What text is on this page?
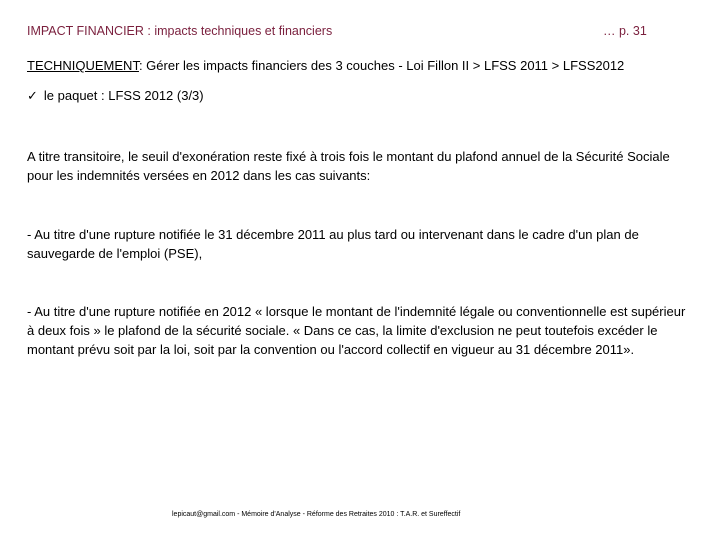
IMPACT FINANCIER : impacts techniques et financiers	… p. 31
TECHNIQUEMENT: Gérer les impacts financiers des 3 couches - Loi Fillon II > LFSS 2011 > LFSS2012
✓ le paquet : LFSS 2012 (3/3)
A titre transitoire, le seuil d'exonération reste fixé à trois fois le montant du plafond annuel de la Sécurité Sociale pour les indemnités versées en 2012 dans les cas suivants:
- Au titre d'une rupture notifiée le 31 décembre 2011 au plus tard ou intervenant dans le cadre d'un plan de sauvegarde de l'emploi (PSE),
- Au titre d'une rupture notifiée en 2012 « lorsque le montant de l'indemnité légale ou conventionnelle est supérieur à deux fois » le plafond de la sécurité sociale. « Dans ce cas, la limite d'exclusion ne peut toutefois excéder le montant prévu soit par la loi, soit par la convention ou l'accord collectif en vigueur au 31 décembre 2011».
lepicaut@gmail.com - Mémoire d'Analyse - Réforme des Retraites 2010 : T.A.R. et Sureffectif
